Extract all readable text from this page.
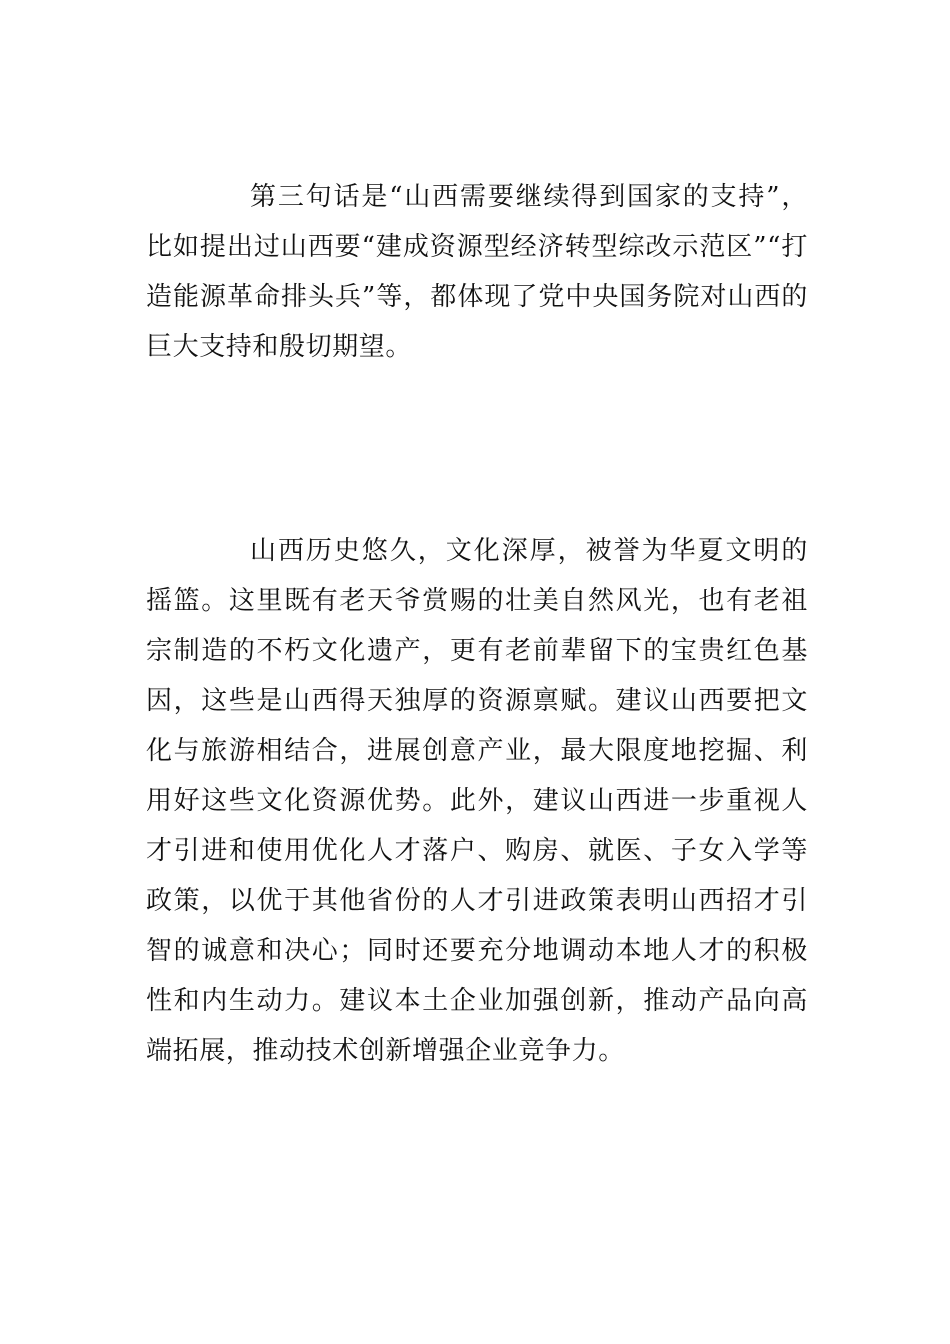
第三句话是“山西需要继续得到国家的支持”，比如提出过山西要“建成资源型经济转型综改示范区”“打造能源革命排头兵”等，都体现了党中央国务院对山西的巨大支持和殷切期望。

山西历史悠久，文化深厚，被誉为华夏文明的摇篮。这里既有老天爷赏赐的壮美自然风光，也有老祖宗制造的不朽文化遗产，更有老前辈留下的宝贵红色基因，这些是山西得天独厚的资源禀赋。建议山西要把文化与旅游相结合，进展创意产业，最大限度地挖掘、利用好这些文化资源优势。此外，建议山西进一步重视人才引进和使用优化人才落户、购房、就医、子女入学等政策，以优于其他省份的人才引进政策表明山西招才引智的诚意和决心；同时还要充分地调动本地人才的积极性和内生动力。建议本土企业加强创新，推动产品向高端拓展，推动技术创新增强企业竞争力。
